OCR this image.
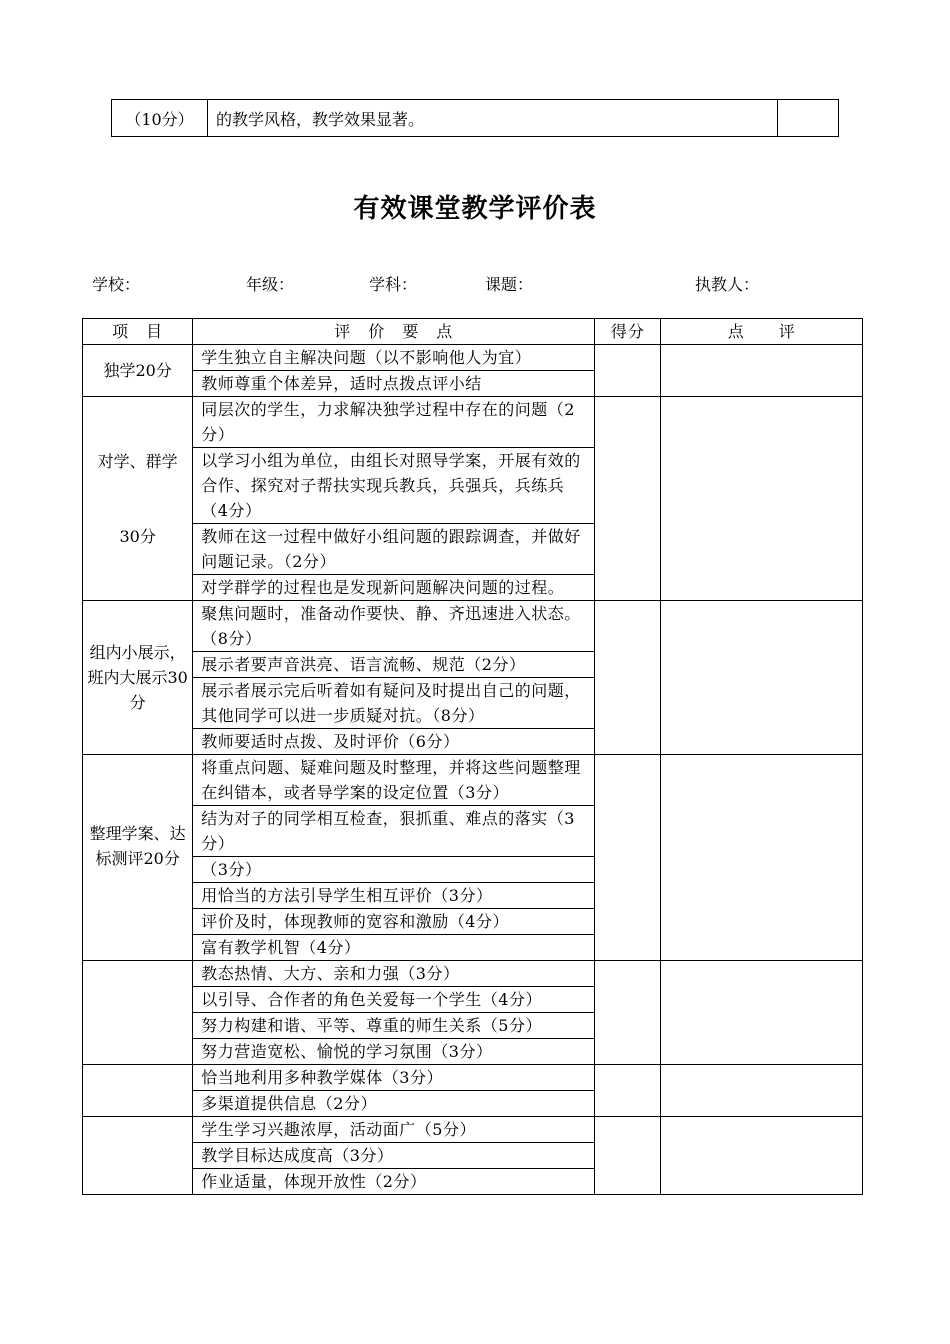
（10分）	的教学风格，教学效果显著。	
有效课堂教学评价表
学校：	年级：	学科：	课题：	执教人：
项　目	评　价　要　点	得分	点　　评
独学20分	学生独立自主解决问题（以不影响他人为宜）		
	教师尊重个体差异，适时点拨点评小结		

对学、群学
30分	同层次的学生，力求解决独学过程中存在的问题（2分）		
	以学习小组为单位，由组长对照导学案，开展有效的合作、探究对子帮扶实现兵教兵，兵强兵，兵练兵（4分）		
	教师在这一过程中做好小组问题的跟踪调查，并做好问题记录。（2分）		
	对学群学的过程也是发现新问题解决问题的过程。		
组内小展示，班内大展示30分	聚焦问题时，准备动作要快、静、齐迅速进入状态。（8分）		
	展示者要声音洪亮、语言流畅、规范（2分）		
	展示者展示完后听着如有疑问及时提出自己的问题，其他同学可以进一步质疑对抗。（8分）		
	教师要适时点拨、及时评价（6分）		
整理学案、达标测评20分	将重点问题、疑难问题及时整理，并将这些问题整理在纠错本，或者导学案的设定位置（3分）		
	结为对子的同学相互检查，狠抓重、难点的落实（3分）		
	（3分）		
	用恰当的方法引导学生相互评价（3分）		
	评价及时，体现教师的宽容和激励（4分）		
	富有教学机智（4分）		
	教态热情、大方、亲和力强（3分）		
	以引导、合作者的角色关爱每一个学生（4分）		
	努力构建和谐、平等、尊重的师生关系（5分）		
	努力营造宽松、愉悦的学习氛围（3分）		
	恰当地利用多种教学媒体（3分）		
	多渠道提供信息（2分）		
	学生学习兴趣浓厚，活动面广（5分）		
	教学目标达成度高（3分）		
	作业适量，体现开放性（2分）		
